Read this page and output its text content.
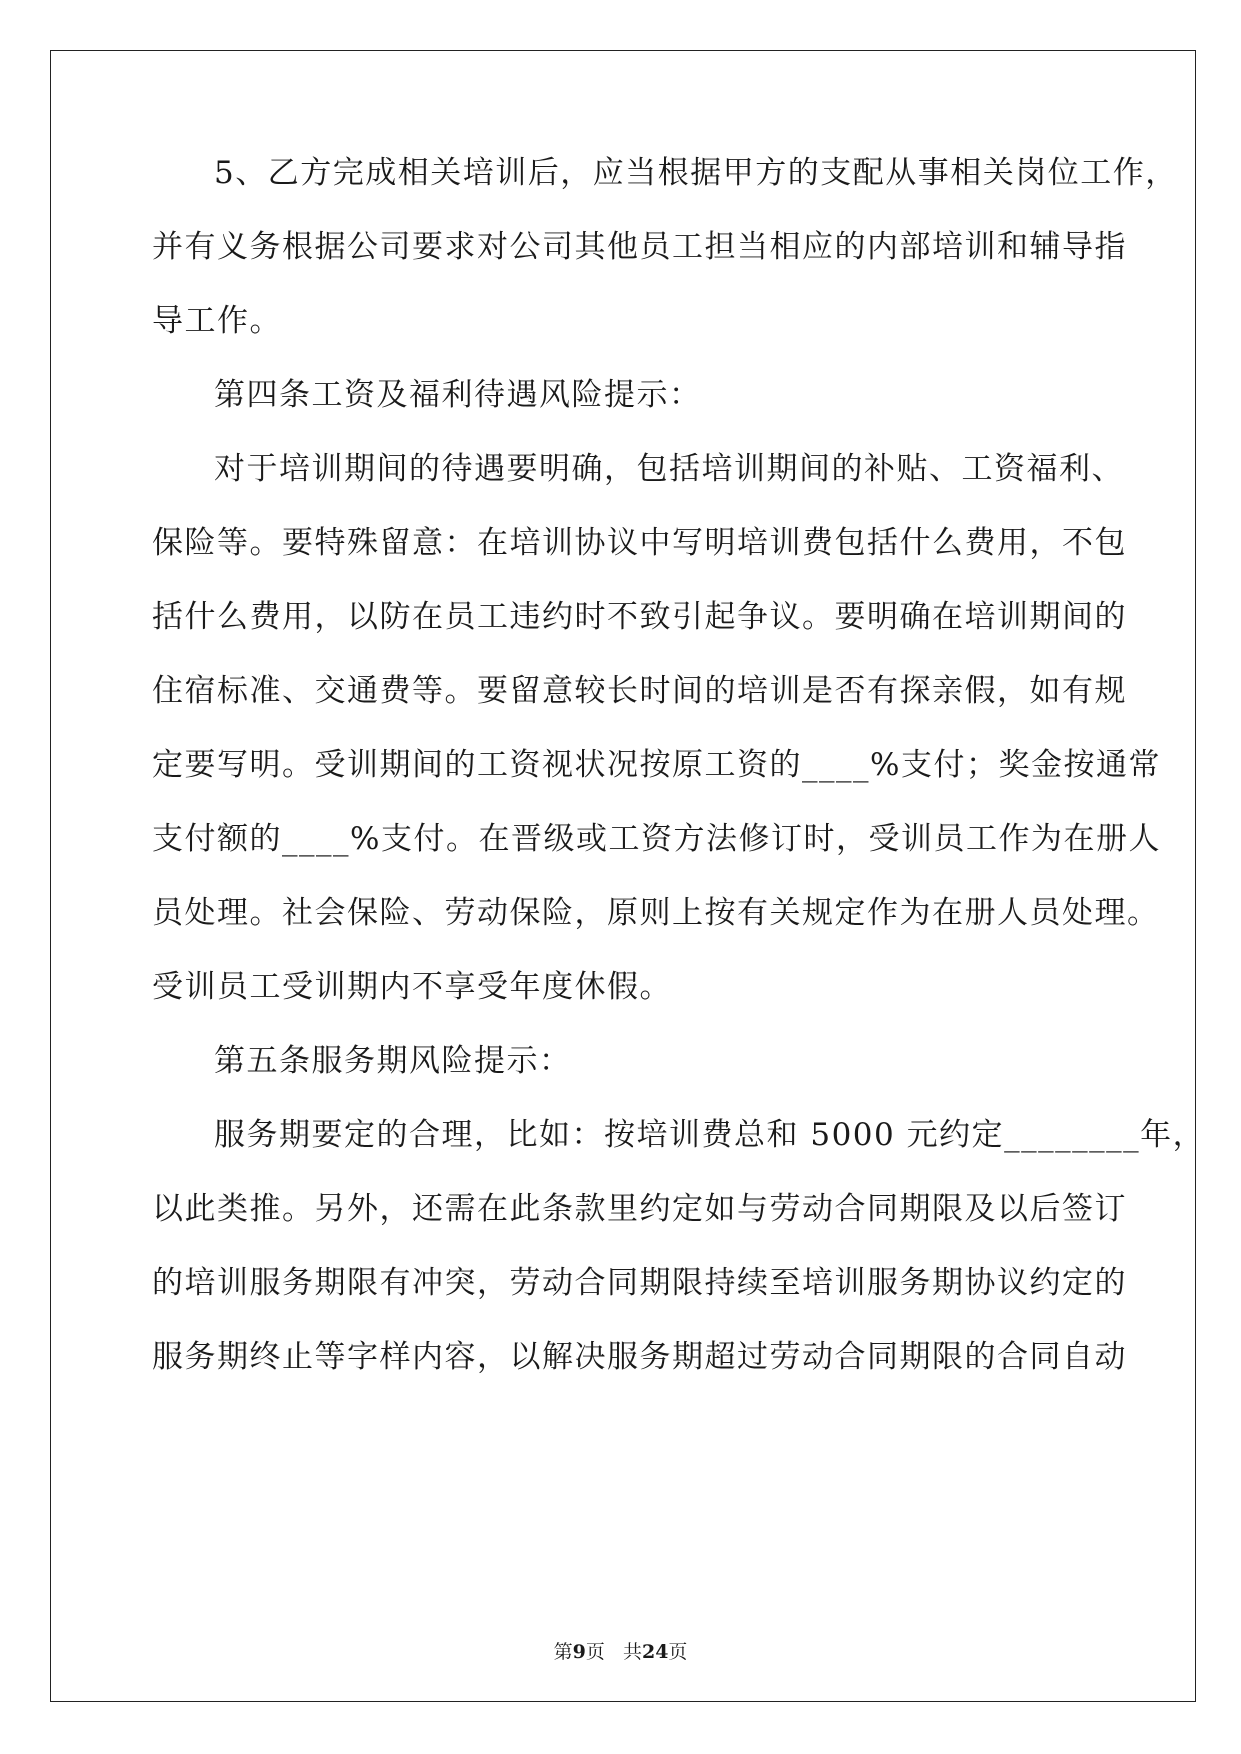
5、乙方完成相关培训后，应当根据甲方的支配从事相关岗位工作，
并有义务根据公司要求对公司其他员工担当相应的内部培训和辅导指
导工作。
第四条工资及福利待遇风险提示：
对于培训期间的待遇要明确，包括培训期间的补贴、工资福利、
保险等。要特殊留意：在培训协议中写明培训费包括什么费用，不包
括什么费用，以防在员工违约时不致引起争议。要明确在培训期间的
住宿标准、交通费等。要留意较长时间的培训是否有探亲假，如有规
定要写明。受训期间的工资视状况按原工资的____%支付；奖金按通常
支付额的____%支付。在晋级或工资方法修订时，受训员工作为在册人
员处理。社会保险、劳动保险，原则上按有关规定作为在册人员处理。
受训员工受训期内不享受年度休假。
第五条服务期风险提示：
服务期要定的合理，比如：按培训费总和 5000 元约定________年，
以此类推。另外，还需在此条款里约定如与劳动合同期限及以后签订
的培训服务期限有冲突，劳动合同期限持续至培训服务期协议约定的
服务期终止等字样内容，以解决服务期超过劳动合同期限的合同自动
第9页 共24页
